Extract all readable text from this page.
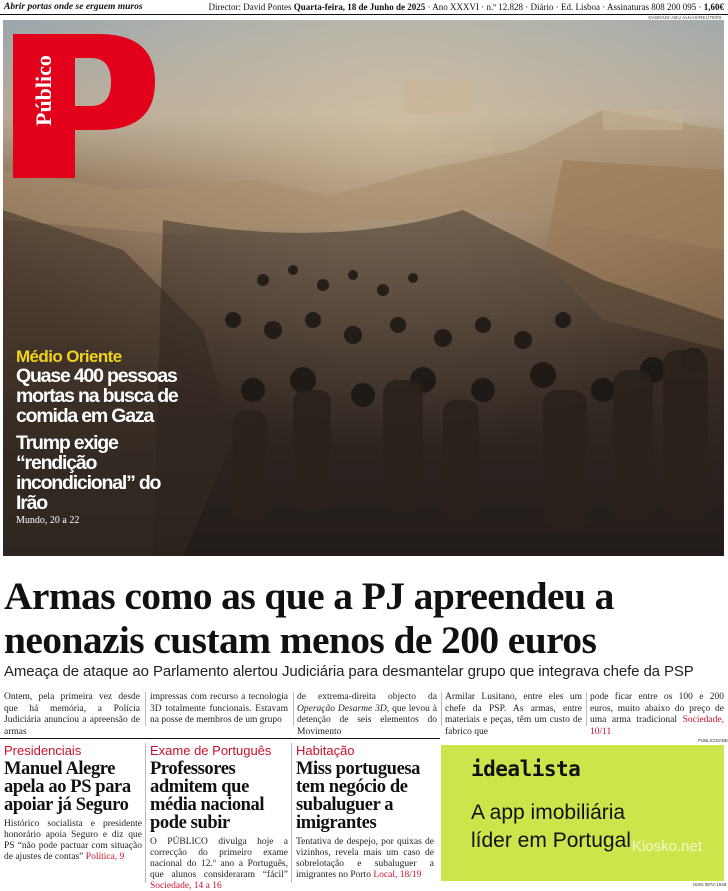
Abrir portas onde se erguem muros	Director: David Pontes Quarta-feira, 18 de Junho de 2025 · Ano XXXVI · n.º 12.828 · Diário · Ed. Lisboa · Assinaturas 808 200 095 · 1,60€
DAWOUD ABU ALKAS/REUTERS
Público
Médio Oriente
Quase 400 pessoas mortas na busca de comida em Gaza
Trump exige “rendição incondicional” do Irão
Mundo, 20 a 22
Armas como as que a PJ apreendeu a neonazis custam menos de 200 euros
Ameaça de ataque ao Parlamento alertou Judiciária para desmantelar grupo que integrava chefe da PSP
Ontem, pela primeira vez desde que há memória, a Polícia Judiciária anunciou a apreensão de armas
impressas com recurso a tecnologia 3D totalmente funcionais. Estavam na posse de membros de um grupo
de extrema-direita objecto da Operação Desarme 3D, que levou à detenção de seis elementos do Movimento
Armilar Lusitano, entre eles um chefe da PSP. As armas, entre materiais e peças, têm um custo de fabrico que
pode ficar entre os 100 e 200 euros, muito abaixo do preço de uma arma tradicional Sociedade, 10/11
PUBLICIDADE
Presidenciais
Manuel Alegre apela ao PS para apoiar já Seguro

Histórico socialista e presidente honorário apoia Seguro e diz que PS “não pode pactuar com situação de ajustes de contas” Política, 9

Exame de Português
Professores admitem que média nacional pode subir

O PÚBLICO divulga hoje a correcção do primeiro exame nacional do 12.º ano a Português, que alunos consideraram “fácil” Sociedade, 14 a 16

Habitação
Miss portuguesa tem negócio de subaluguer a imigrantes

Tentativa de despejo, por quixas de vizinhos, revela mais um caso de sobrelotação e subaluguer a imigrantes no Porto Local, 18/19

idealista
A app imobiliária
líder em Portugal Kiosko.net
ISSN 0872-1548
